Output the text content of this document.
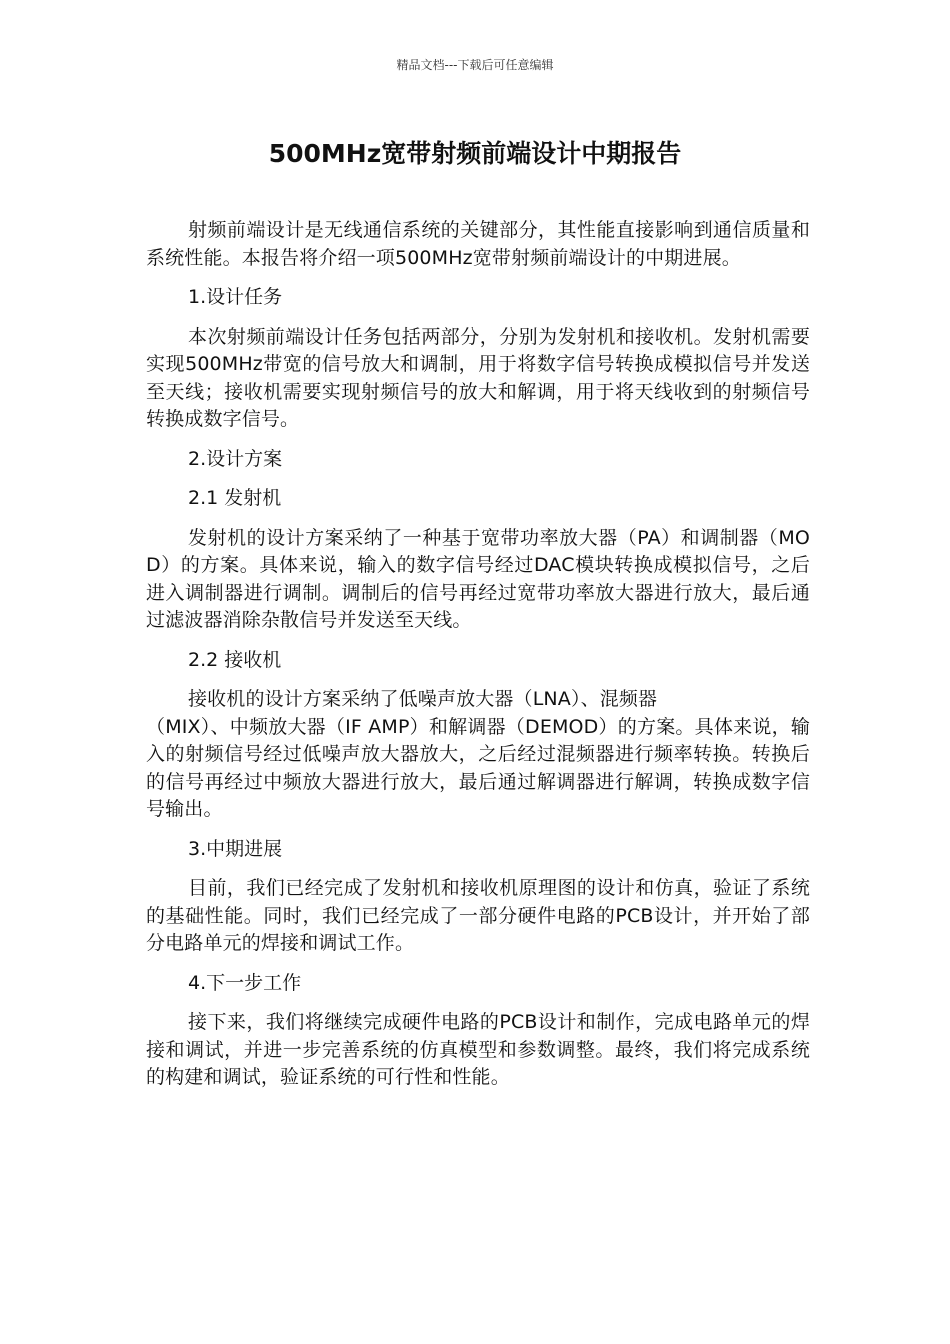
精品文档---下载后可任意编辑
500MHz宽带射频前端设计中期报告

射频前端设计是无线通信系统的关键部分，其性能直接影响到通信质量和系统性能。本报告将介绍一项500MHz宽带射频前端设计的中期进展。

1.设计任务

本次射频前端设计任务包括两部分，分别为发射机和接收机。发射机需要实现500MHz带宽的信号放大和调制，用于将数字信号转换成模拟信号并发送至天线；接收机需要实现射频信号的放大和解调，用于将天线收到的射频信号转换成数字信号。

2.设计方案

2.1 发射机

发射机的设计方案采纳了一种基于宽带功率放大器（PA）和调制器（MOD）的方案。具体来说，输入的数字信号经过DAC模块转换成模拟信号，之后进入调制器进行调制。调制后的信号再经过宽带功率放大器进行放大，最后通过滤波器消除杂散信号并发送至天线。

2.2 接收机

接收机的设计方案采纳了低噪声放大器（LNA）、混频器

（MIX）、中频放大器（IF AMP）和解调器（DEMOD）的方案。具体来说，输入的射频信号经过低噪声放大器放大，之后经过混频器进行频率转换。转换后的信号再经过中频放大器进行放大，最后通过解调器进行解调，转换成数字信号输出。

3.中期进展

目前，我们已经完成了发射机和接收机原理图的设计和仿真，验证了系统的基础性能。同时，我们已经完成了一部分硬件电路的PCB设计，并开始了部分电路单元的焊接和调试工作。

4.下一步工作

接下来，我们将继续完成硬件电路的PCB设计和制作，完成电路单元的焊接和调试，并进一步完善系统的仿真模型和参数调整。最终，我们将完成系统的构建和调试，验证系统的可行性和性能。
